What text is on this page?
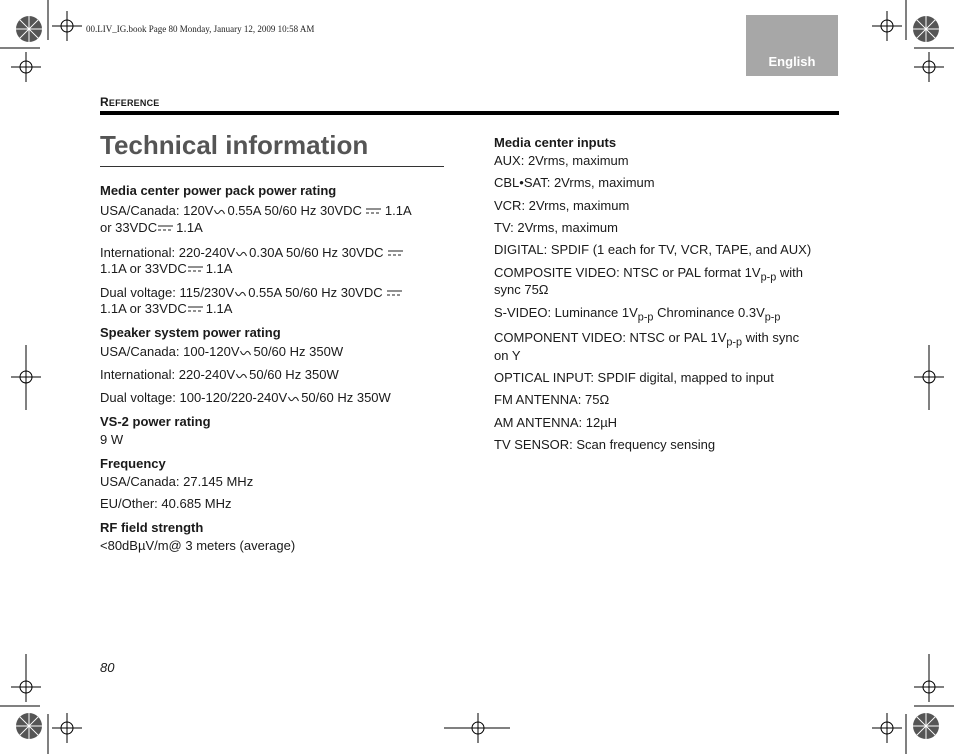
00.LIV_IG.book Page 80 Monday, January 12, 2009 10:58 AM
English
REFERENCE
Technical information
Media center power pack power rating
USA/Canada: 120V 0.55A 50/60 Hz 30VDC 1.1A
or 33VDC 1.1A
International: 220-240V 0.30A 50/60 Hz 30VDC
1.1A or 33VDC 1.1A
Dual voltage: 115/230V 0.55A 50/60 Hz 30VDC
1.1A or 33VDC 1.1A
Speaker system power rating
USA/Canada: 100-120V 50/60 Hz 350W
International: 220-240V 50/60 Hz 350W
Dual voltage: 100-120/220-240V 50/60 Hz 350W
VS-2 power rating
9 W
Frequency
USA/Canada: 27.145 MHz
EU/Other: 40.685 MHz
RF field strength
<80dBµV/m@ 3 meters (average)
Media center inputs
AUX: 2Vrms, maximum
CBL•SAT: 2Vrms, maximum
VCR: 2Vrms, maximum
TV: 2Vrms, maximum
DIGITAL: SPDIF (1 each for TV, VCR, TAPE, and AUX)
COMPOSITE VIDEO: NTSC or PAL format $1V_{p-p}$ with
sync 75Ω
S-VIDEO: Luminance $1V_{p-p}$ Chrominance $0.3V_{p-p}$
COMPONENT VIDEO: NTSC or PAL $1V_{p-p}$ with sync
on Y
OPTICAL INPUT: SPDIF digital, mapped to input
FM ANTENNA: 75Ω
AM ANTENNA: 12µH
TV SENSOR: Scan frequency sensing
80
